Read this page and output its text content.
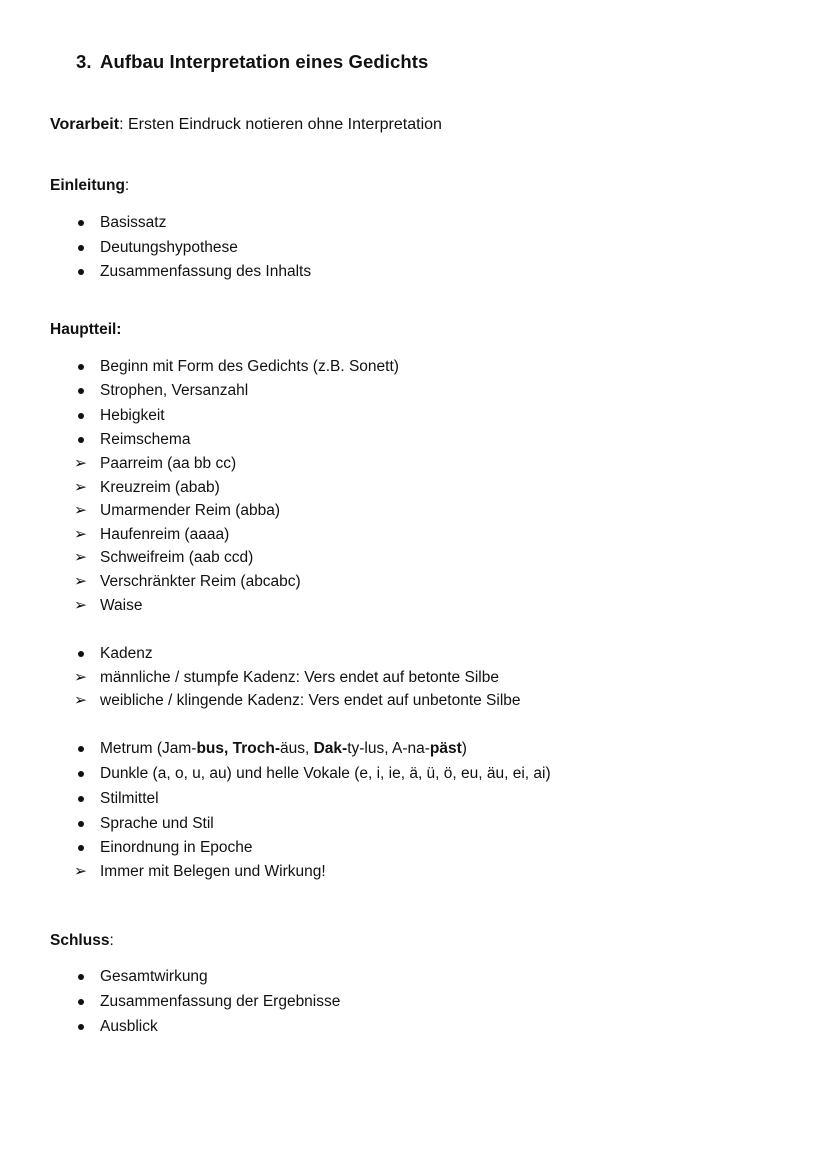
3. Aufbau Interpretation eines Gedichts
Vorarbeit: Ersten Eindruck notieren ohne Interpretation
Einleitung:
Basissatz
Deutungshypothese
Zusammenfassung des Inhalts
Hauptteil:
Beginn mit Form des Gedichts (z.B. Sonett)
Strophen, Versanzahl
Hebigkeit
Reimschema
➢ Paarreim (aa bb cc)
➢ Kreuzreim (abab)
➢ Umarmender Reim (abba)
➢ Haufenreim (aaaa)
➢ Schweifreim (aab ccd)
➢ Verschränkter Reim (abcabc)
➢ Waise
Kadenz
➢ männliche / stumpfe Kadenz: Vers endet auf betonte Silbe
➢ weibliche / klingende Kadenz: Vers endet auf unbetonte Silbe
Metrum (Jam-bus, Troch-äus, Dak-ty-lus, A-na-päst)
Dunkle (a, o, u, au) und helle Vokale (e, i, ie, ä, ü, ö, eu, äu, ei, ai)
Stilmittel
Sprache und Stil
Einordnung in Epoche
➢ Immer mit Belegen und Wirkung!
Schluss:
Gesamtwirkung
Zusammenfassung der Ergebnisse
Ausblick
